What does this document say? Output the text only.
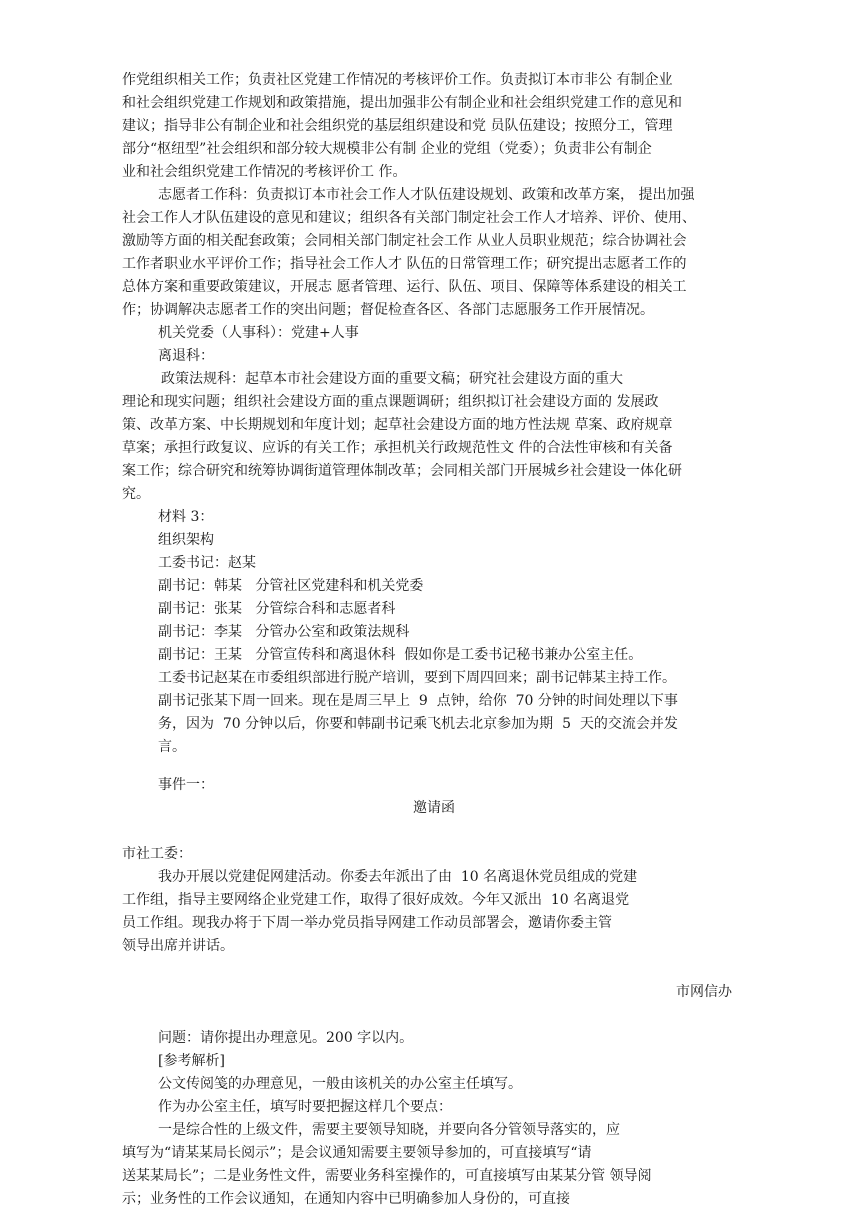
作党组织相关工作；负责社区党建工作情况的考核评价工作。负责拟订本市非公 有制企业
和社会组织党建工作规划和政策措施，提出加强非公有制企业和社会组织党建工作的意见和
建议；指导非公有制企业和社会组织党的基层组织建设和党 员队伍建设；按照分工，管理
部分“枢纽型”社会组织和部分较大规模非公有制 企业的党组（党委）；负责非公有制企
业和社会组织党建工作情况的考核评价工 作。
志愿者工作科：负责拟订本市社会工作人才队伍建设规划、政策和改革方案， 提出加强
社会工作人才队伍建设的意见和建议；组织各有关部门制定社会工作人才培养、评价、使用、
激励等方面的相关配套政策；会同相关部门制定社会工作 从业人员职业规范；综合协调社会
工作者职业水平评价工作；指导社会工作人才 队伍的日常管理工作；研究提出志愿者工作的
总体方案和重要政策建议，开展志 愿者管理、运行、队伍、项目、保障等体系建设的相关工
作；协调解决志愿者工作的突出问题；督促检查各区、各部门志愿服务工作开展情况。
机关党委（人事科）：党建+人事
离退科：
政策法规科：起草本市社会建设方面的重要文稿；研究社会建设方面的重大
理论和现实问题；组织社会建设方面的重点课题调研；组织拟订社会建设方面的 发展政
策、改革方案、中长期规划和年度计划；起草社会建设方面的地方性法规 草案、政府规章
草案；承担行政复议、应诉的有关工作；承担机关行政规范性文 件的合法性审核和有关备
案工作；综合研究和统筹协调街道管理体制改革；会同相关部门开展城乡社会建设一体化研
究。
材料 3：
组织架构
工委书记：赵某
副书记：韩某   分管社区党建科和机关党委
副书记：张某   分管综合科和志愿者科
副书记：李某   分管办公室和政策法规科
副书记：王某   分管宣传科和离退休科  假如你是工委书记秘书兼办公室主任。
工委书记赵某在市委组织部进行脱产培训，要到下周四回来；副书记韩某主持工作。
副书记张某下周一回来。现在是周三早上  9  点钟，给你  70 分钟的时间处理以下事
务，因为  70 分钟以后，你要和韩副书记乘飞机去北京参加为期  5  天的交流会并发
言。
事件一：
邀请函
市社工委：
我办开展以党建促网建活动。你委去年派出了由  10 名离退休党员组成的党建
工作组，指导主要网络企业党建工作，取得了很好成效。今年又派出  10 名离退党
员工作组。现我办将于下周一举办党员指导网建工作动员部署会，邀请你委主管
领导出席并讲话。
市网信办
问题：请你提出办理意见。200 字以内。
[参考解析]
公文传阅笺的办理意见，一般由该机关的办公室主任填写。
作为办公室主任，填写时要把握这样几个要点：
一是综合性的上级文件，需要主要领导知晓，并要向各分管领导落实的，应
填写为“请某某局长阅示”；是会议通知需要主要领导参加的，可直接填写“请
送某某局长”；二是业务性文件，需要业务科室操作的，可直接填写由某某分管 领导阅
示；业务性的工作会议通知，在通知内容中已明确参加人身份的，可直接
